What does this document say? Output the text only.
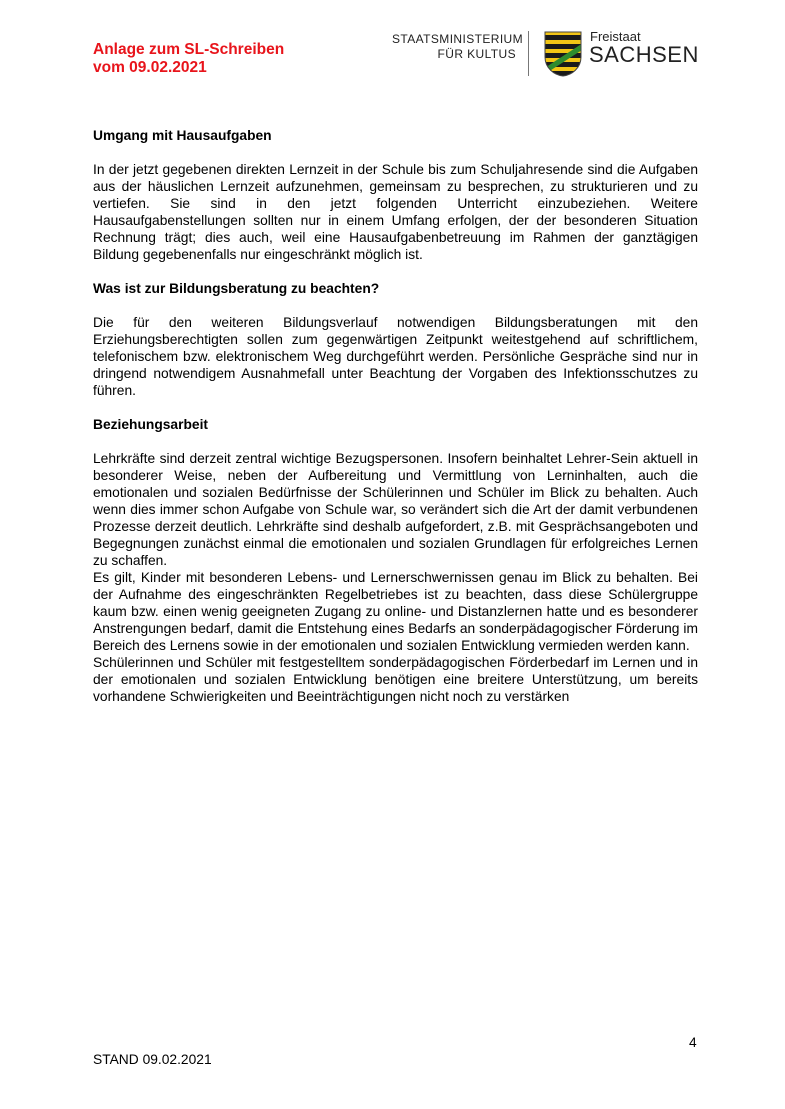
Anlage zum SL-Schreiben
vom 09.02.2021
STAATSMINISTERIUM
FÜR KULTUS
Freistaat
SACHSEN
Umgang mit Hausaufgaben

In der jetzt gegebenen direkten Lernzeit in der Schule bis zum Schuljahresende sind die Aufgaben aus der häuslichen Lernzeit aufzunehmen, gemeinsam zu besprechen, zu strukturieren und zu vertiefen. Sie sind in den jetzt folgenden Unterricht einzubeziehen. Weitere Hausaufgabenstellungen sollten nur in einem Umfang erfolgen, der der besonderen Situation Rechnung trägt; dies auch, weil eine Hausaufgabenbetreuung im Rahmen der ganztägigen Bildung gegebenenfalls nur eingeschränkt möglich ist.

Was ist zur Bildungsberatung zu beachten?

Die für den weiteren Bildungsverlauf notwendigen Bildungsberatungen mit den Erziehungsberechtigten sollen zum gegenwärtigen Zeitpunkt weitestgehend auf schriftlichem, telefonischem bzw. elektronischem Weg durchgeführt werden. Persönliche Gespräche sind nur in dringend notwendigem Ausnahmefall unter Beachtung der Vorgaben des Infektionsschutzes zu führen.

Beziehungsarbeit

Lehrkräfte sind derzeit zentral wichtige Bezugspersonen. Insofern beinhaltet Lehrer-Sein aktuell in besonderer Weise, neben der Aufbereitung und Vermittlung von Lerninhalten, auch die emotionalen und sozialen Bedürfnisse der Schülerinnen und Schüler im Blick zu behalten. Auch wenn dies immer schon Aufgabe von Schule war, so verändert sich die Art der damit verbundenen Prozesse derzeit deutlich. Lehrkräfte sind deshalb aufgefordert, z.B. mit Gesprächsangeboten und Begegnungen zunächst einmal die emotionalen und sozialen Grundlagen für erfolgreiches Lernen zu schaffen.

Es gilt, Kinder mit besonderen Lebens- und Lernerschwernissen genau im Blick zu behalten. Bei der Aufnahme des eingeschränkten Regelbetriebes ist zu beachten, dass diese Schülergruppe kaum bzw. einen wenig geeigneten Zugang zu online- und Distanzlernen hatte und es besonderer Anstrengungen bedarf, damit die Entstehung eines Bedarfs an sonderpädagogischer Förderung im Bereich des Lernens sowie in der emotionalen und sozialen Entwicklung vermieden werden kann.

Schülerinnen und Schüler mit festgestelltem sonderpädagogischen Förderbedarf im Lernen und in der emotionalen und sozialen Entwicklung benötigen eine breitere Unterstützung, um bereits vorhandene Schwierigkeiten und Beeinträchtigungen nicht noch zu verstärken

4
STAND 09.02.2021
